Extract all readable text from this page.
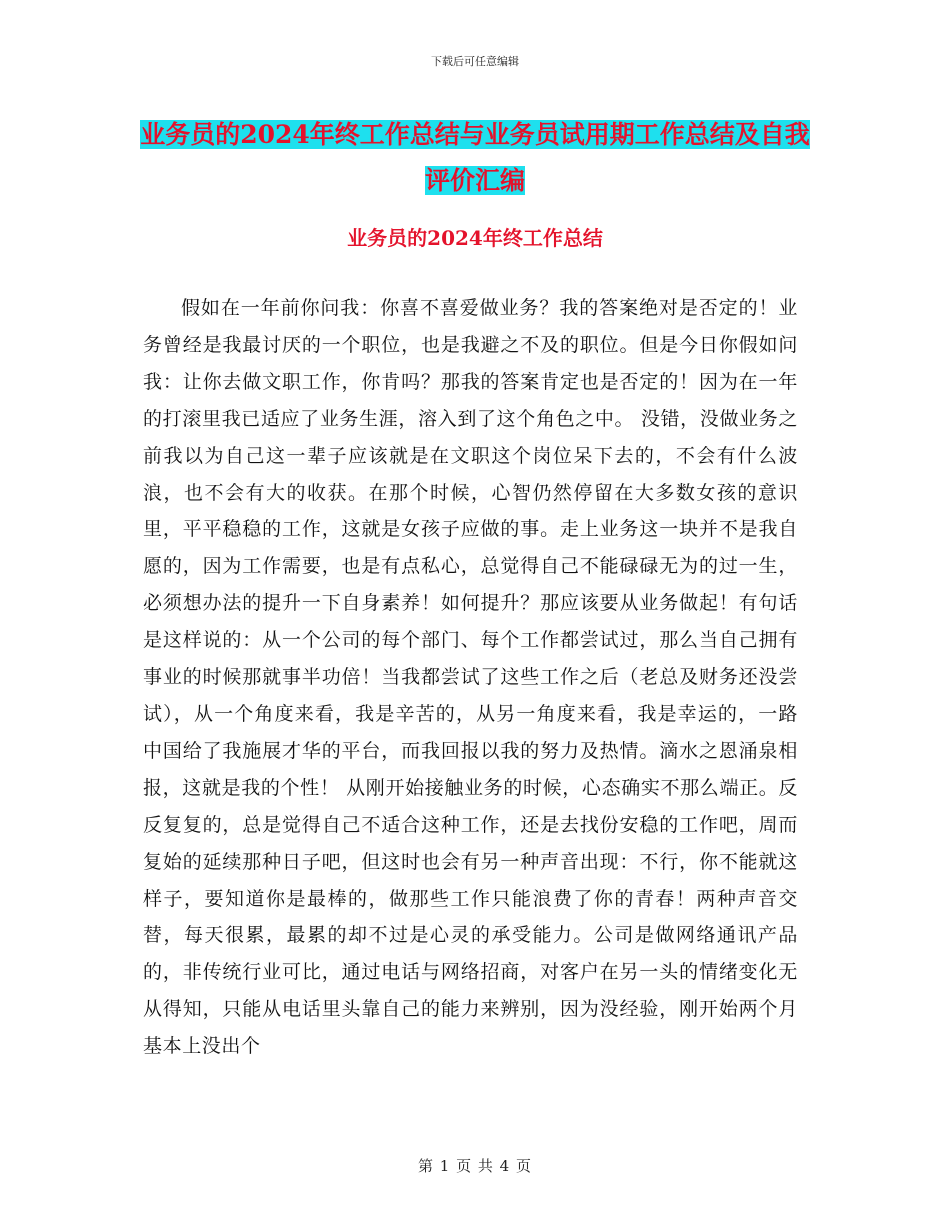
下载后可任意编辑
业务员的2024年终工作总结与业务员试用期工作总结及自我评价汇编
业务员的2024年终工作总结

假如在一年前你问我：你喜不喜爱做业务？我的答案绝对是否定的！业务曾经是我最讨厌的一个职位，也是我避之不及的职位。但是今日你假如问我：让你去做文职工作，你肯吗？那我的答案肯定也是否定的！因为在一年的打滚里我已适应了业务生涯，溶入到了这个角色之中。 没错，没做业务之前我以为自己这一辈子应该就是在文职这个岗位呆下去的，不会有什么波浪，也不会有大的收获。在那个时候，心智仍然停留在大多数女孩的意识里，平平稳稳的工作，这就是女孩子应做的事。走上业务这一块并不是我自愿的，因为工作需要，也是有点私心，总觉得自己不能碌碌无为的过一生，必须想办法的提升一下自身素养！如何提升？那应该要从业务做起！有句话是这样说的：从一个公司的每个部门、每个工作都尝试过，那么当自己拥有事业的时候那就事半功倍！当我都尝试了这些工作之后（老总及财务还没尝试），从一个角度来看，我是辛苦的，从另一角度来看，我是幸运的，一路中国给了我施展才华的平台，而我回报以我的努力及热情。滴水之恩涌泉相报，这就是我的个性！ 从刚开始接触业务的时候，心态确实不那么端正。反反复复的，总是觉得自己不适合这种工作，还是去找份安稳的工作吧，周而复始的延续那种日子吧，但这时也会有另一种声音出现：不行，你不能就这样子，要知道你是最棒的，做那些工作只能浪费了你的青春！两种声音交替，每天很累，最累的却不过是心灵的承受能力。公司是做网络通讯产品的，非传统行业可比，通过电话与网络招商，对客户在另一头的情绪变化无从得知，只能从电话里头靠自己的能力来辨别，因为没经验，刚开始两个月基本上没出个

第 1 页 共 4 页
